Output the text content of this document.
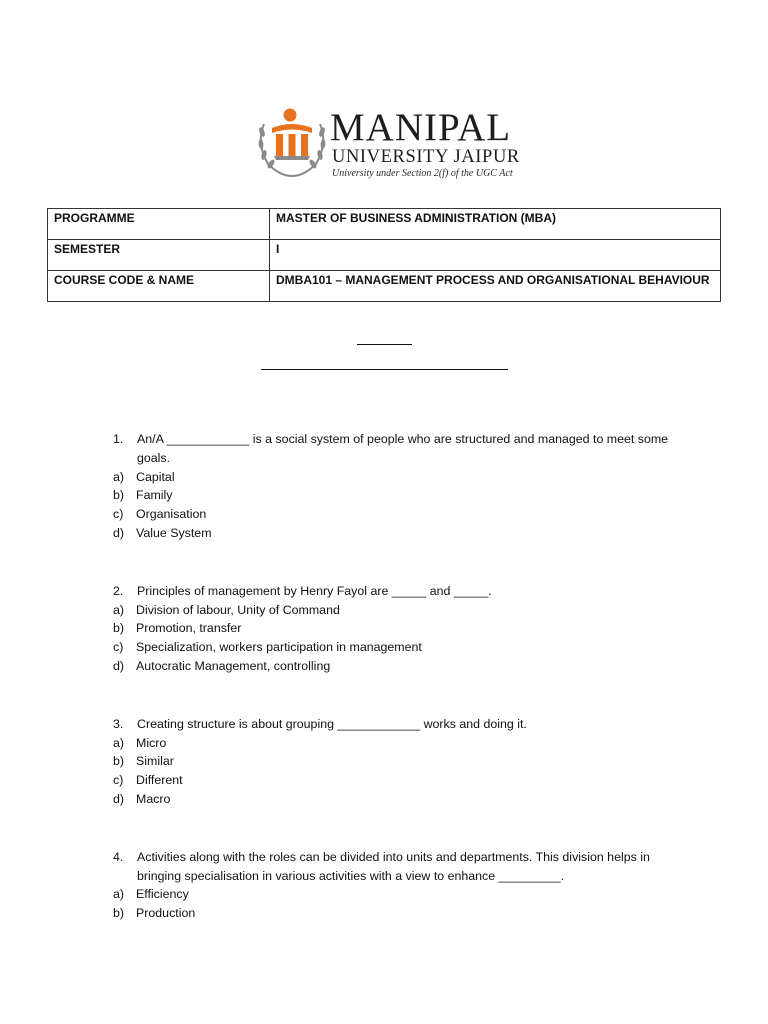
MANIPAL
UNIVERSITY JAIPUR
University under Section 2(f) of the UGC Act
PROGRAMME	MASTER OF BUSINESS ADMINISTRATION (MBA)
SEMESTER	I
COURSE CODE & NAME	DMBA101 – MANAGEMENT PROCESS AND ORGANISATIONAL BEHAVIOUR
1.	An/A ____________ is a social system of people who are structured and managed to meet some goals.
a) Capital
b) Family
c)	Organisation
d) Value System
2.	Principles of management by Henry Fayol are _____ and _____.
a) Division of labour, Unity of Command
b) Promotion, transfer
c)	Specialization, workers participation in management
d) Autocratic Management, controlling
3.	Creating structure is about grouping ____________ works and doing it.
a) Micro
b) Similar
c)	Different
d) Macro
4.	Activities along with the roles can be divided into units and departments. This division helps in bringing specialisation in various activities with a view to enhance _________.
a) Efficiency
b) Production
